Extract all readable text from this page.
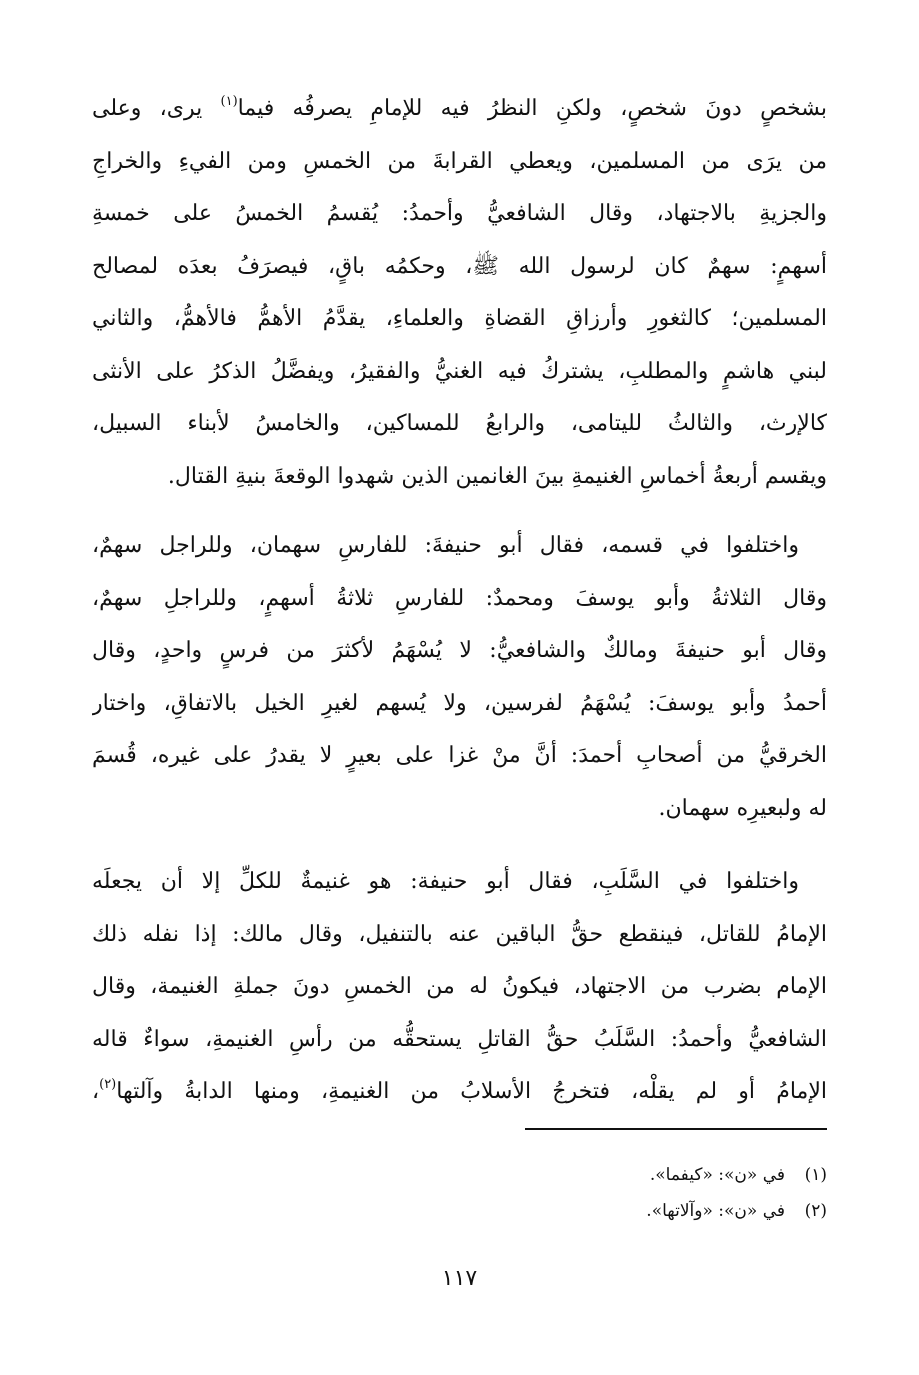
بشخصٍ دونَ شخصٍ، ولكنِ النظرُ فيه للإمامِ يصرفُه فيما$^{(١)}$ يرى، وعلى
من يرَى من المسلمين، ويعطي القرابةَ من الخمسِ ومن الفيءِ والخراجِ
والجزيةِ بالاجتهاد، وقال الشافعيُّ وأحمدُ: يُقسمُ الخمسُ على خمسةِ
أسهمٍ: سهمٌ كان لرسول الله ﷺ، وحكمُه باقٍ، فيصرَفُ بعدَه لمصالح
المسلمين؛ كالثغورِ وأرزاقِ القضاةِ والعلماءِ، يقدَّمُ الأهمُّ فالأهمُّ، والثاني
لبني هاشمٍ والمطلبِ، يشتركُ فيه الغنيُّ والفقيرُ، ويفضَّلُ الذكرُ على الأنثى
كالإرث، والثالثُ لليتامى، والرابعُ للمساكين، والخامسُ لأبناء السبيل،
ويقسم أربعةُ أخماسِ الغنيمةِ بينَ الغانمين الذين شهدوا الوقعةَ بنيةِ القتال.
واختلفوا في قسمه، فقال أبو حنيفةَ: للفارسِ سهمان، وللراجل سهمٌ،
وقال الثلاثةُ وأبو يوسفَ ومحمدٌ: للفارسِ ثلاثةُ أسهمٍ، وللراجلِ سهمٌ،
وقال أبو حنيفةَ ومالكٌ والشافعيُّ: لا يُسْهَمُ لأكثرَ من فرسٍ واحدٍ، وقال
أحمدُ وأبو يوسفَ: يُسْهَمُ لفرسين، ولا يُسهم لغيرِ الخيل بالاتفاقِ، واختار
الخرقيُّ من أصحابِ أحمدَ: أنَّ منْ غزا على بعيرٍ لا يقدرُ على غيره، قُسمَ
له ولبعيرِه سهمان.
واختلفوا في السَّلَبِ، فقال أبو حنيفة: هو غنيمةٌ للكلِّ إلا أن يجعلَه
الإمامُ للقاتل، فينقطع حقُّ الباقين عنه بالتنفيل، وقال مالك: إذا نفله ذلك
الإمام بضرب من الاجتهاد، فيكونُ له من الخمسِ دونَ جملةِ الغنيمة، وقال
الشافعيُّ وأحمدُ: السَّلَبُ حقُّ القاتلِ يستحقُّه من رأسِ الغنيمةِ، سواءٌ قاله
الإمامُ أو لم يقلْه، فتخرجُ الأسلابُ من الغنيمةِ، ومنها الدابةُ وآلتها$^{(٢)}$،
(١)في «ن»: «كيفما».
(٢)في «ن»: «وآلاتها».
١١٧
